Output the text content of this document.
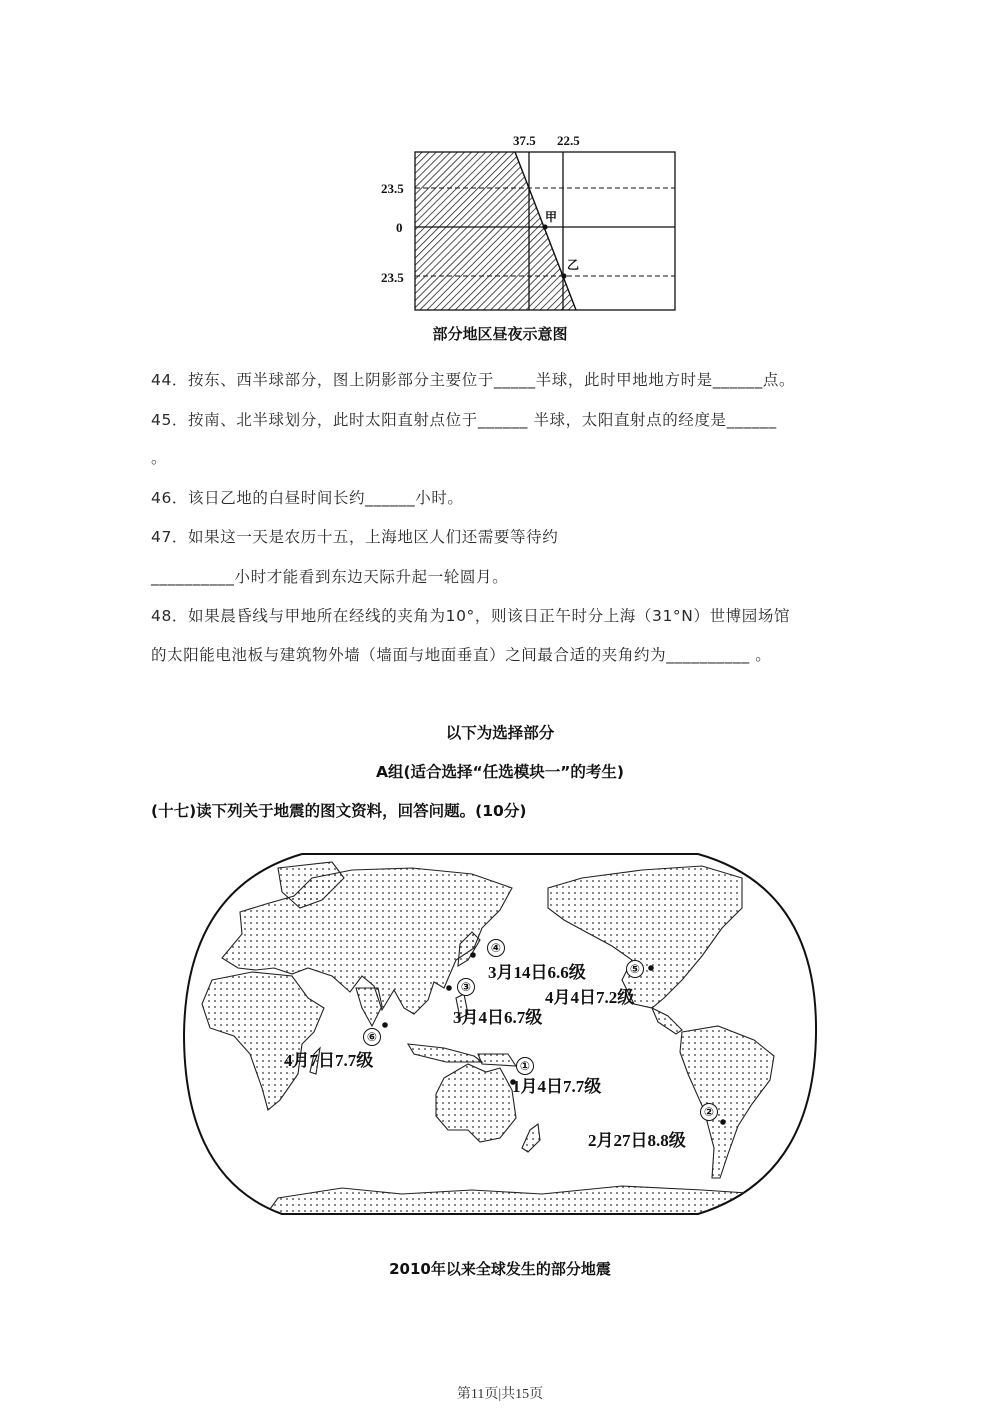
37.5 22.5
23.5
0
23.5
甲
乙
部分地区昼夜示意图
44．按东、西半球部分，图上阴影部分主要位于_____半球，此时甲地地方时是______点。
45．按南、北半球划分，此时太阳直射点位于______ 半球，太阳直射点的经度是______
。
46．该日乙地的白昼时间长约______小时。
47．如果这一天是农历十五，上海地区人们还需要等待约
__________小时才能看到东边天际升起一轮圆月。
48．如果晨昏线与甲地所在经线的夹角为10°，则该日正午时分上海（31°N）世博园场馆
的太阳能电池板与建筑物外墙（墙面与地面垂直）之间最合适的夹角约为__________ 。
以下为选择部分
A组(适合选择“任选模块一”的考生)
(十七)读下列关于地震的图文资料，回答问题。(10分)
①
②
③
④
⑤
⑥
1月4日7.7级
2月27日8.8级
3月4日6.7级
3月14日6.6级
4月4日7.2级
4月7日7.7级
2010年以来全球发生的部分地震
第11页|共15页
